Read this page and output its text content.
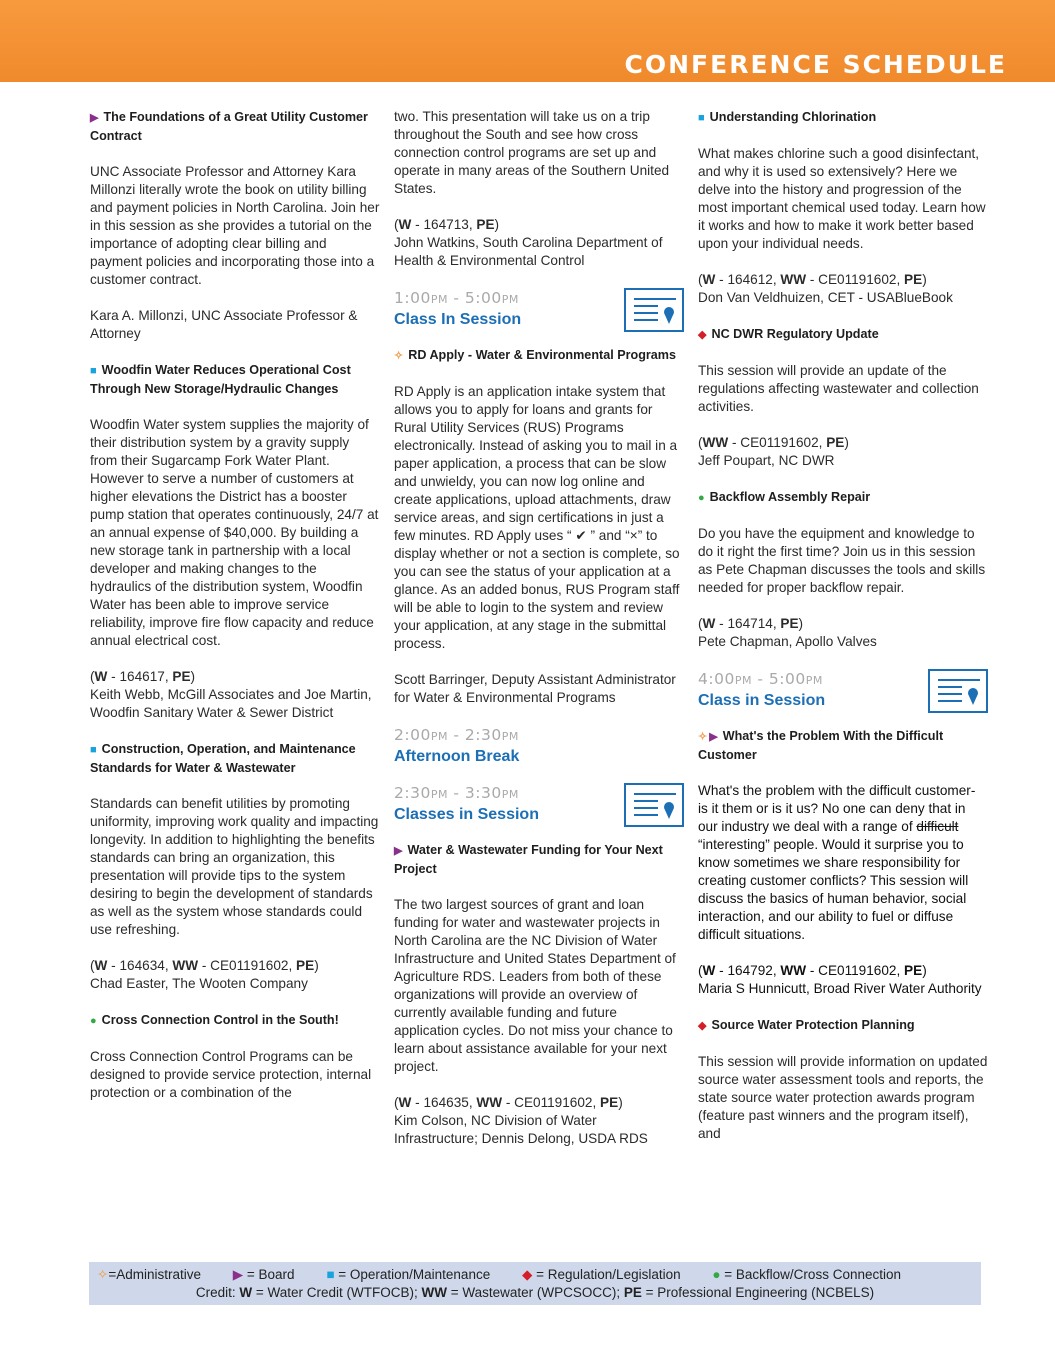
CONFERENCE SCHEDULE
▶ The Foundations of a Great Utility Customer Contract
UNC Associate Professor and Attorney Kara Millonzi literally wrote the book on utility billing and payment policies in North Carolina. Join her in this session as she provides a tutorial on the importance of adopting clear billing and payment policies and incorporating those into a customer contract.
Kara A. Millonzi, UNC Associate Professor & Attorney
■ Woodfin Water Reduces Operational Cost Through New Storage/Hydraulic Changes
Woodfin Water system supplies the majority of their distribution system by a gravity supply from their Sugarcamp Fork Water Plant. However to serve a number of customers at higher elevations the District has a booster pump station that operates continuously, 24/7 at an annual expense of $40,000. By building a new storage tank in partnership with a local developer and making changes to the hydraulics of the distribution system, Woodfin Water has been able to improve service reliability, improve fire flow capacity and reduce annual electrical cost.
(W - 164617, PE)
Keith Webb, McGill Associates and Joe Martin, Woodfin Sanitary Water & Sewer District
■ Construction, Operation, and Maintenance Standards for Water & Wastewater
Standards can benefit utilities by promoting uniformity, improving work quality and impacting longevity. In addition to highlighting the benefits standards can bring an organization, this presentation will provide tips to the system desiring to begin the development of standards as well as the system whose standards could use refreshing.
(W - 164634, WW - CE01191602, PE)
Chad Easter, The Wooten Company
● Cross Connection Control in the South!
Cross Connection Control Programs can be designed to provide service protection, internal protection or a combination of the
two. This presentation will take us on a trip throughout the South and see how cross connection control programs are set up and operate in many areas of the Southern United States.
(W - 164713, PE)
John Watkins, South Carolina Department of Health & Environmental Control
1:00PM - 5:00PM
Class In Session
✧ RD Apply - Water & Environmental Programs
RD Apply is an application intake system that allows you to apply for loans and grants for Rural Utility Services (RUS) Programs electronically. Instead of asking you to mail in a paper application, a process that can be slow and unwieldy, you can now log online and create applications, upload attachments, draw service areas, and sign certifications in just a few minutes. RD Apply uses “ ✔ ” and “×” to display whether or not a section is complete, so you can see the status of your application at a glance. As an added bonus, RUS Program staff will be able to login to the system and review your application, at any stage in the submittal process.
Scott Barringer, Deputy Assistant Administrator for Water & Environmental Programs
2:00PM - 2:30PM
Afternoon Break
2:30PM - 3:30PM
Classes in Session
▶ Water & Wastewater Funding for Your Next Project
The two largest sources of grant and loan funding for water and wastewater projects in North Carolina are the NC Division of Water Infrastructure and United States Department of Agriculture RDS. Leaders from both of these organizations will provide an overview of currently available funding and future application cycles. Do not miss your chance to learn about assistance available for your next project.
(W - 164635, WW - CE01191602, PE)
Kim Colson, NC Division of Water Infrastructure; Dennis Delong, USDA RDS
■ Understanding Chlorination
What makes chlorine such a good disinfectant, and why it is used so extensively? Here we delve into the history and progression of the most important chemical used today. Learn how it works and how to make it work better based upon your individual needs.
(W - 164612, WW - CE01191602, PE)
Don Van Veldhuizen, CET - USABlueBook
◆ NC DWR Regulatory Update
This session will provide an update of the regulations affecting wastewater and collection activities.
(WW - CE01191602, PE)
Jeff Poupart, NC DWR
● Backflow Assembly Repair
Do you have the equipment and knowledge to do it right the first time? Join us in this session as Pete Chapman discusses the tools and skills needed for proper backflow repair.
(W - 164714, PE)
Pete Chapman, Apollo Valves
4:00PM - 5:00PM
Class in Session
✧ ▶ What's the Problem With the Difficult Customer
What's the problem with the difficult customer- is it them or is it us? No one can deny that in our industry we deal with a range of difficult “interesting” people. Would it surprise you to know sometimes we share responsibility for creating customer conflicts? This session will discuss the basics of human behavior, social interaction, and our ability to fuel or diffuse difficult situations.
(W - 164792, WW - CE01191602, PE)
Maria S Hunnicutt, Broad River Water Authority
◆ Source Water Protection Planning
This session will provide information on updated source water assessment tools and reports, the state source water protection awards program (feature past winners and the program itself), and
✧=Administrative ▶ = Board ■ = Operation/Maintenance ◆ = Regulation/Legislation ● = Backflow/Cross Connection
Credit: W = Water Credit (WTFOCB); WW = Wastewater (WPCSOCC); PE = Professional Engineering (NCBELS)
